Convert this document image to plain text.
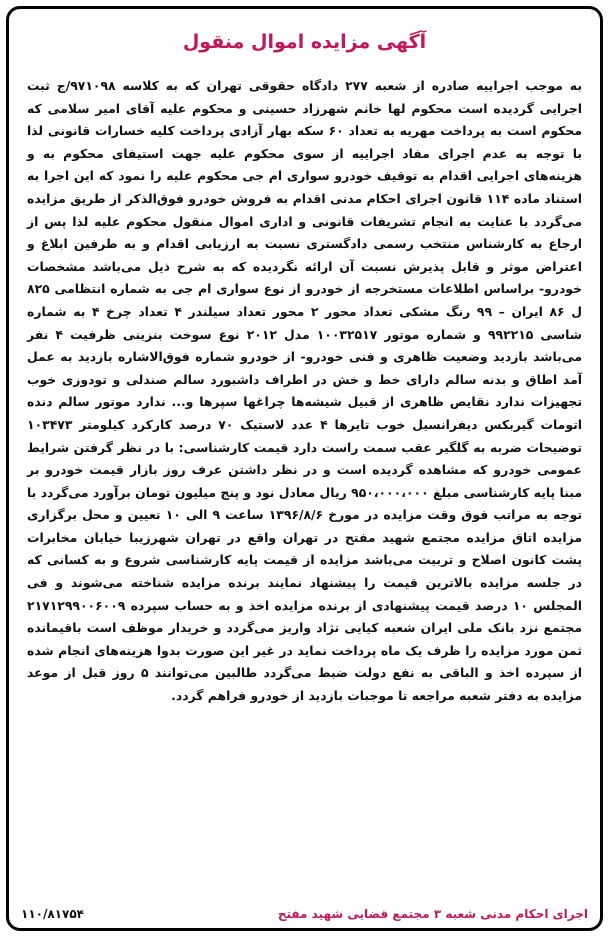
آگهی مزایده اموال منقول

به موجب اجراییه صادره از شعبه ۲۷۷ دادگاه حقوقی تهران که به کلاسه ۹۷۱۰۹۸/ج ثبت اجرایی گردیده است محکوم لها خانم شهرزاد حسینی و محکوم علیه آقای امیر سلامی که محکوم است به پرداخت مهریه به تعداد ۶۰ سکه بهار آزادی پرداخت کلیه خسارات قانونی لذا با توجه به عدم اجرای مفاد اجراییه از سوی محکوم علیه جهت استیفای محکوم به و هزینه‌های اجرایی اقدام به توقیف خودرو سواری ام جی محکوم علیه را نمود که این اجرا به استناد ماده ۱۱۴ قانون اجرای احکام مدنی اقدام به فروش خودرو فوق‌الذکر از طریق مزایده می‌گردد با عنایت به انجام تشریفات قانونی و اداری اموال منقول محکوم علیه لذا پس از ارجاع به کارشناس منتخب رسمی دادگستری نسبت به ارزیابی اقدام و به طرفین ابلاغ و اعتراض موثر و قابل پذیرش نسبت آن ارائه نگردیده که به شرح ذیل می‌باشد مشخصات خودرو- براساس اطلاعات مستخرجه از خودرو از نوع سواری ام جی به شماره انتظامی ۸۲۵ ل ۸۶ ایران – ۹۹ رنگ مشکی تعداد محور ۲ محور تعداد سیلندر ۴ تعداد چرخ ۴ به شماره شاسی ۹۹۲۲۱۵ و شماره موتور ۱۰۰۳۲۵۱۷ مدل ۲۰۱۲ نوع سوخت بنزینی ظرفیت ۴ نفر می‌باشد بازدید وضعیت ظاهری و فنی خودرو- از خودرو شماره فوق‌الاشاره بازدید به عمل آمد اطاق و بدنه سالم دارای خط و خش در اطراف داشبورد سالم صندلی و تودوزی خوب تجهیزات ندارد نقایص ظاهری از قبیل شیشه‌ها چراغها سپرها و... ندارد موتور سالم دنده اتومات گیربکس دیفرانسیل خوب تایرها ۴ عدد لاستیک ۷۰ درصد کارکرد کیلومتر ۱۰۳۴۷۳ توضیحات ضربه به گلگیر عقب سمت راست دارد قیمت کارشناسی: با در نظر گرفتن شرایط عمومی خودرو که مشاهده گردیده است و در نظر داشتن عرف روز بازار قیمت خودرو بر مبنا پایه کارشناسی مبلغ ۹۵۰،۰۰۰،۰۰۰ ریال معادل نود و پنج میلیون تومان برآورد می‌گردد با توجه به مراتب فوق وقت مزایده در مورخ ۱۳۹۶/۸/۶ ساعت ۹ الی ۱۰ تعیین و محل برگزاری مزایده اتاق مزایده مجتمع شهید مفتح در تهران واقع در تهران شهرزیبا خیابان مخابرات پشت کانون اصلاح و تربیت می‌باشد مزایده از قیمت پایه کارشناسی شروع و به کسانی که در جلسه مزایده بالاترین قیمت را پیشنهاد نمایند برنده مزایده شناخته می‌شوند و فی المجلس ۱۰ درصد قیمت پیشنهادی از برنده مزایده اخذ و به حساب سپرده ۲۱۷۱۲۹۹۰۰۶۰۰۹ مجتمع نزد بانک ملی ایران شعبه کیایی نژاد واریز می‌گردد و خریدار موظف است باقیمانده ثمن مورد مزایده را ظرف یک ماه پرداخت نماید در غیر این صورت بدوا هزینه‌های انجام شده از سپرده اخذ و الباقی به نفع دولت ضبط می‌گردد طالبین می‌توانند ۵ روز قبل از موعد مزایده به دفتر شعبه مراجعه تا موجبات بازدید از خودرو فراهم گردد.

اجرای احکام مدنی شعبه ۳ مجتمع قضایی شهید مفتح
۱۱۰/۸۱۷۵۴
